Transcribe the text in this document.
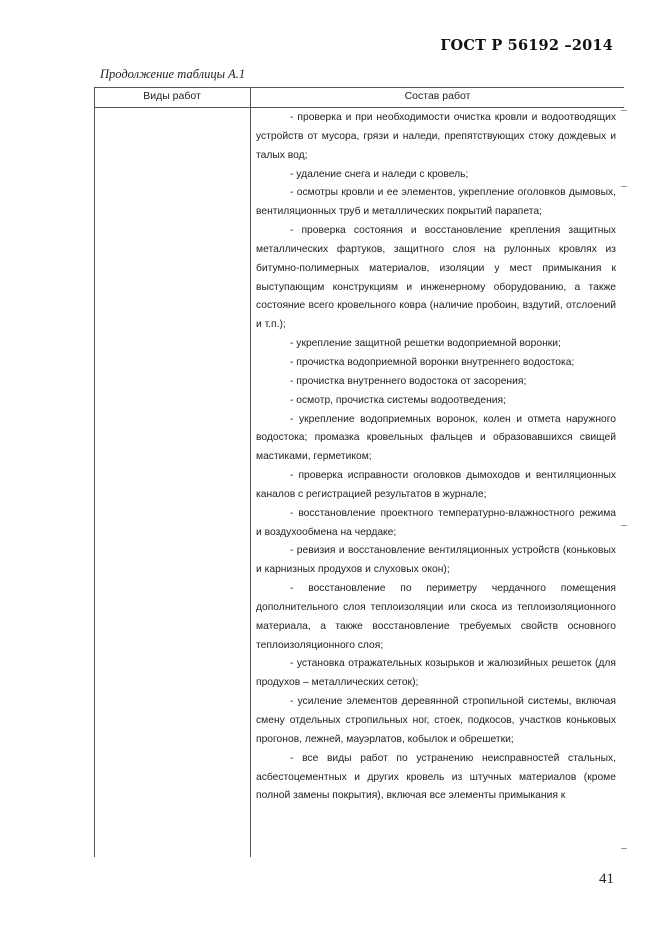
ГОСТ Р 56192 –2014
Продолжение таблицы А.1
Виды работ	Состав работ

- проверка и при необходимости очистка кровли и водоотводящих устройств от мусора, грязи и наледи, препятствующих стоку дождевых и талых вод;

- удаление снега и наледи с кровель;

- осмотры кровли и ее элементов, укрепление оголовков дымовых, вентиляционных труб и металлических покрытий парапета;

- проверка состояния и восстановление крепления защитных металлических фартуков, защитного слоя на рулонных кровлях из битумно-полимерных материалов, изоляции у мест примыкания к выступающим конструкциям и инженерному оборудованию, а также состояние всего кровельного ковра (наличие пробоин, вздутий, отслоений и т.п.);

- укрепление защитной решетки водоприемной воронки;

- прочистка водоприемной воронки внутреннего водостока;

- прочистка внутреннего водостока от засорения;

- осмотр, прочистка системы водоотведения;

- укрепление водоприемных воронок, колен и отмета наружного водостока; промазка кровельных фальцев и образовавшихся свищей мастиками, герметиком;

- проверка исправности оголовков дымоходов и вентиляционных каналов с регистрацией результатов в журнале;

- восстановление проектного температурно-влажностного режима и воздухообмена на чердаке;

- ревизия и восстановление вентиляционных устройств (коньковых и карнизных продухов и слуховых окон);

- восстановление по периметру чердачного помещения дополнительного слоя теплоизоляции или скоса из теплоизоляционного материала, а также восстановление требуемых свойств основного теплоизоляционного слоя;

- установка отражательных козырьков и жалюзийных решеток (для продухов – металлических сеток);

- усиление элементов деревянной стропильной системы, включая смену отдельных стропильных ног, стоек, подкосов, участков коньковых прогонов, лежней, мауэрлатов, кобылок и обрешетки;

- все виды работ по устранению неисправностей стальных, асбестоцементных и других кровель из штучных материалов (кроме полной замены покрытия), включая все элементы примыкания к

41
